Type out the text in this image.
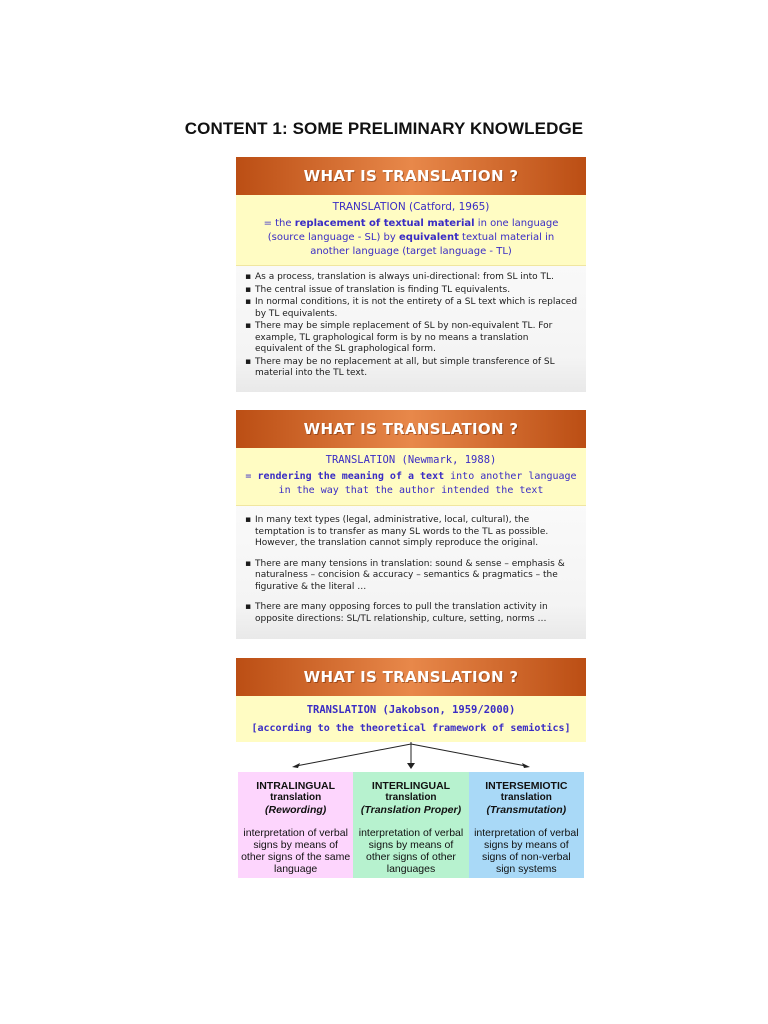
CONTENT 1: SOME PRELIMINARY KNOWLEDGE
WHAT IS TRANSLATION ?
TRANSLATION (Catford, 1965)
= the replacement of textual material in one language
(source language - SL) by equivalent textual material in
another language (target language - TL)
▪ As a process, translation is always uni-directional: from SL into TL.
▪ The central issue of translation is finding TL equivalents.
▪ In normal conditions, it is not the entirety of a SL text which is replaced by TL equivalents.
▪ There may be simple replacement of SL by non-equivalent TL. For example, TL graphological form is by no means a translation equivalent of the SL graphological form.
▪ There may be no replacement at all, but simple transference of SL material into the TL text.
WHAT IS TRANSLATION ?
TRANSLATION (Newmark, 1988)
= rendering the meaning of a text into another language
in the way that the author intended the text
▪ In many text types (legal, administrative, local, cultural), the temptation is to transfer as many SL words to the TL as possible. However, the translation cannot simply reproduce the original.
▪ There are many tensions in translation: sound & sense – emphasis & naturalness – concision & accuracy – semantics & pragmatics – the figurative & the literal …
▪ There are many opposing forces to pull the translation activity in opposite directions: SL/TL relationship, culture, setting, norms …
WHAT IS TRANSLATION ?
TRANSLATION (Jakobson, 1959/2000)
[according to the theoretical framework of semiotics]
INTRALINGUAL
translation
(Rewording)
interpretation of verbal signs by means of other signs of the same language
INTERLINGUAL
translation
(Translation Proper)
interpretation of verbal signs by means of other signs of other languages
INTERSEMIOTIC
translation
(Transmutation)
interpretation of verbal signs by means of signs of non-verbal sign systems
